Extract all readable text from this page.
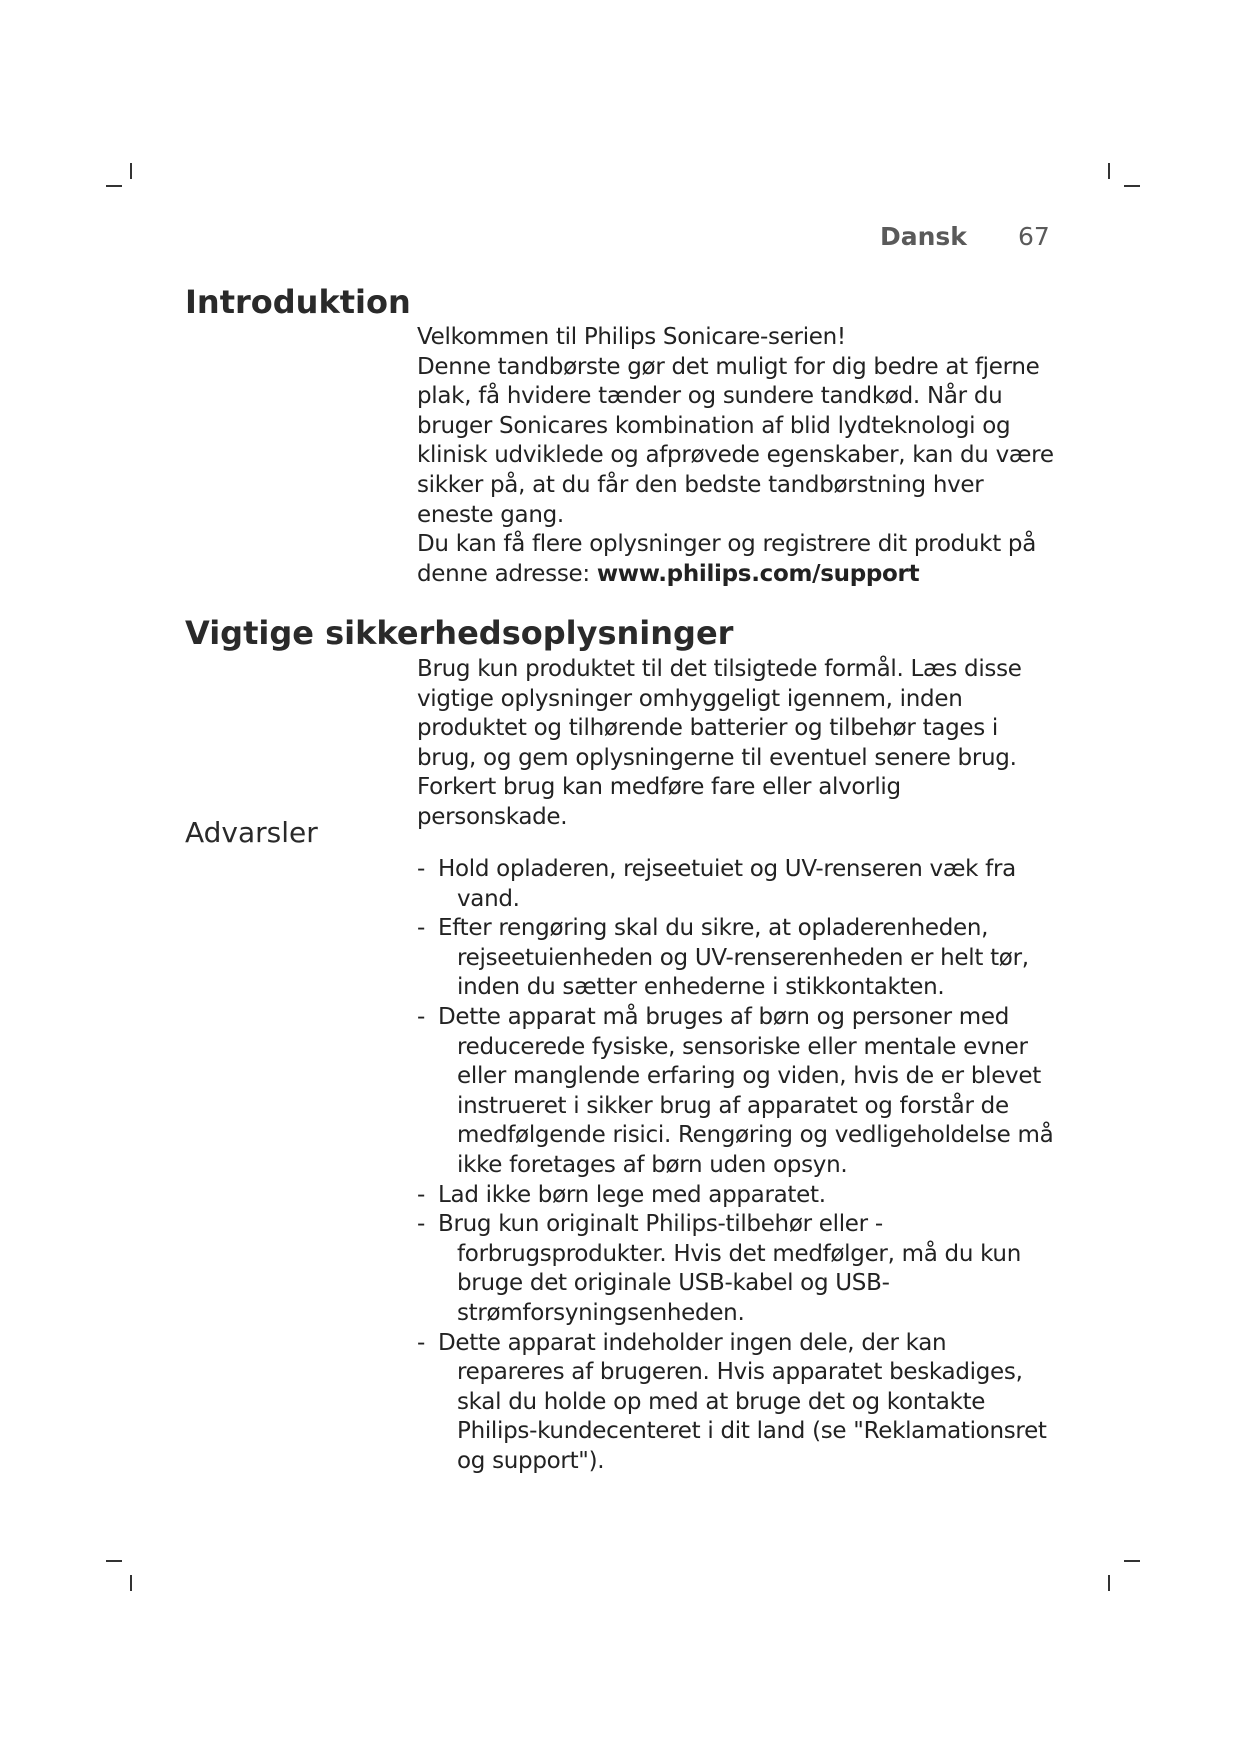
Dansk 67
Introduktion

Velkommen til Philips Sonicare-serien!

Denne tandbørste gør det muligt for dig bedre at fjerne plak, få hvidere tænder og sundere tandkød. Når du bruger Sonicares kombination af blid lydteknologi og klinisk udviklede og afprøvede egenskaber, kan du være sikker på, at du får den bedste tandbørstning hver eneste gang.

Du kan få flere oplysninger og registrere dit produkt på denne adresse: www.philips.com/support

Vigtige sikkerhedsoplysninger

Brug kun produktet til det tilsigtede formål. Læs disse vigtige oplysninger omhyggeligt igennem, inden produktet og tilhørende batterier og tilbehør tages i brug, og gem oplysningerne til eventuel senere brug. Forkert brug kan medføre fare eller alvorlig personskade.

Advarsler
- Hold opladeren, rejseetuiet og UV-renseren væk fra vand.
- Efter rengøring skal du sikre, at opladerenheden, rejseetuienheden og UV-renserenheden er helt tør, inden du sætter enhederne i stikkontakten.
- Dette apparat må bruges af børn og personer med reducerede fysiske, sensoriske eller mentale evner eller manglende erfaring og viden, hvis de er blevet instrueret i sikker brug af apparatet og forstår de medfølgende risici. Rengøring og vedligeholdelse må ikke foretages af børn uden opsyn.
- Lad ikke børn lege med apparatet.
- Brug kun originalt Philips-tilbehør eller -forbrugsprodukter. Hvis det medfølger, må du kun bruge det originale USB-kabel og USB-strømforsyningsenheden.
- Dette apparat indeholder ingen dele, der kan repareres af brugeren. Hvis apparatet beskadiges, skal du holde op med at bruge det og kontakte Philips-kundecenteret i dit land (se "Reklamationsret og support").
